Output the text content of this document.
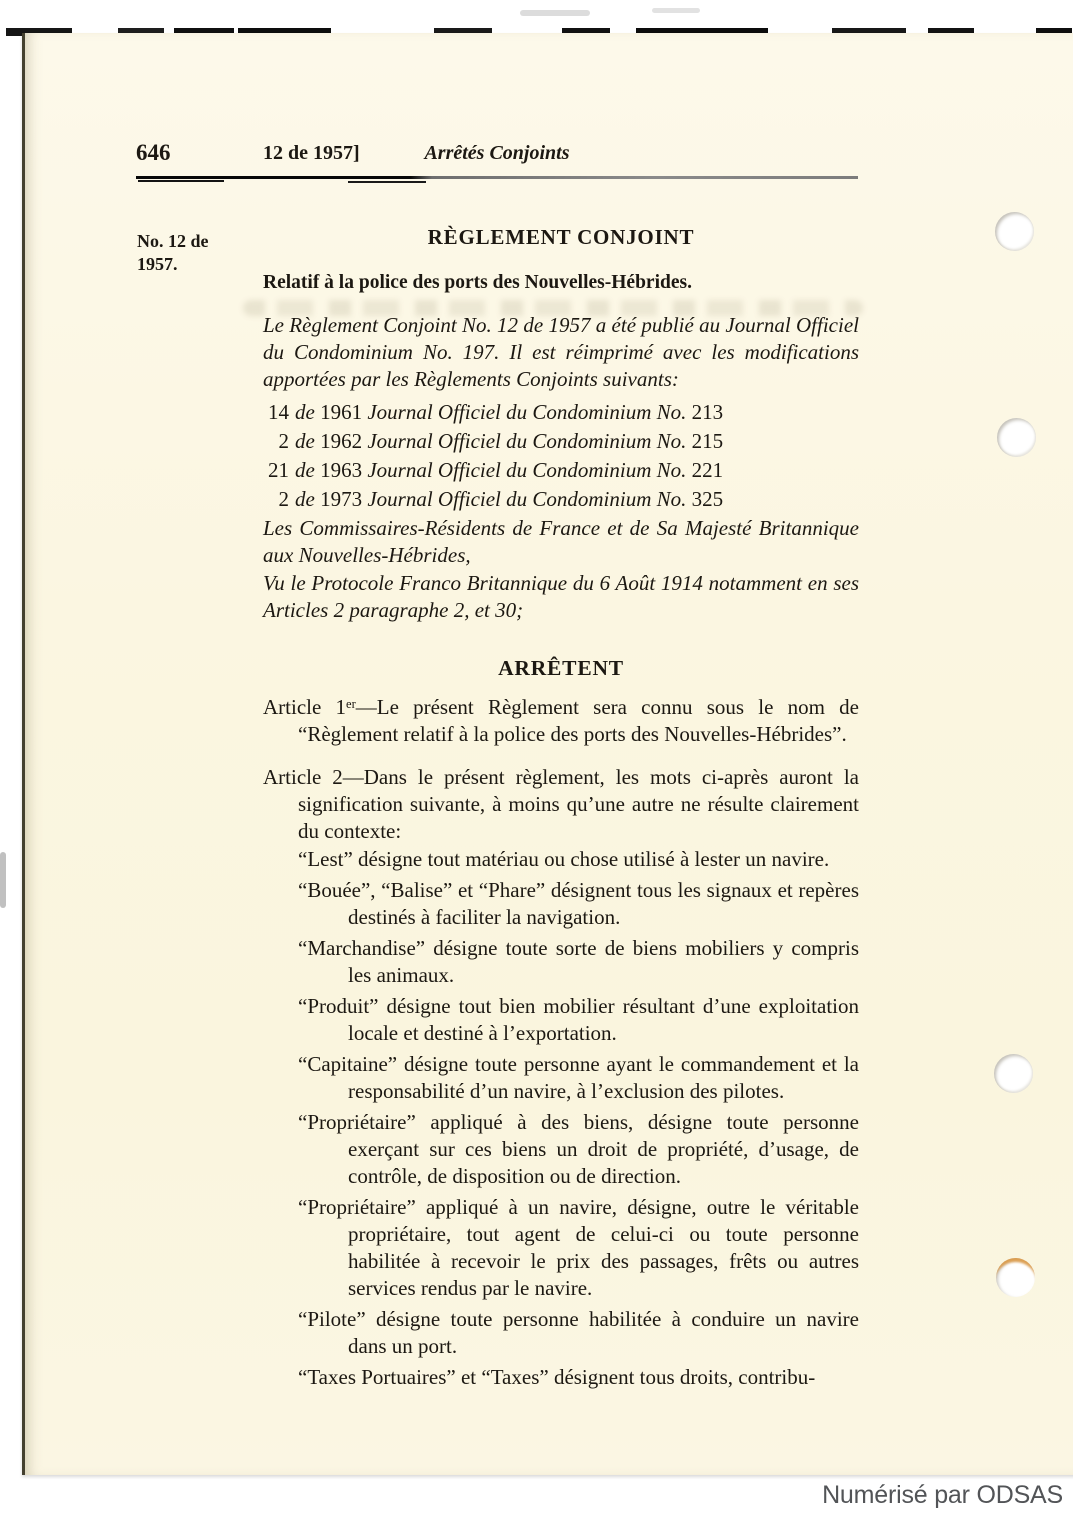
646	12 de 1957]	Arrêtés Conjoints
No. 12 de
1957.

RÈGLEMENT CONJOINT

Relatif à la police des ports des Nouvelles-Hébrides.

Le Règlement Conjoint No. 12 de 1957 a été publié au Journal Officiel du Condominium No. 197. Il est réimprimé avec les modifications apportées par les Règlements Conjoints suivants:

14 de 1961 Journal Officiel du Condominium No. 213

2 de 1962 Journal Officiel du Condominium No. 215

21 de 1963 Journal Officiel du Condominium No. 221

2 de 1973 Journal Officiel du Condominium No. 325

Les Commissaires-Résidents de France et de Sa Majesté Britannique aux Nouvelles-Hébrides,

Vu le Protocole Franco Britannique du 6 Août 1914 notamment en ses Articles 2 paragraphe 2, et 30;

ARRÊTENT

Article 1er—Le présent Règlement sera connu sous le nom de “Règlement relatif à la police des ports des Nouvelles-Hébrides”.

Article 2—Dans le présent règlement, les mots ci-après auront la signification suivante, à moins qu’une autre ne résulte clairement du contexte:

“Lest” désigne tout matériau ou chose utilisé à lester un navire.

“Bouée”, “Balise” et “Phare” désignent tous les signaux et repères destinés à faciliter la navigation.

“Marchandise” désigne toute sorte de biens mobiliers y compris les animaux.

“Produit” désigne tout bien mobilier résultant d’une exploitation locale et destiné à l’exportation.

“Capitaine” désigne toute personne ayant le commandement et la responsabilité d’un navire, à l’exclusion des pilotes.

“Propriétaire” appliqué à des biens, désigne toute personne exerçant sur ces biens un droit de propriété, d’usage, de contrôle, de disposition ou de direction.

“Propriétaire” appliqué à un navire, désigne, outre le véritable propriétaire, tout agent de celui-ci ou toute personne habilitée à recevoir le prix des passages, frêts ou autres services rendus par le navire.

“Pilote” désigne toute personne habilitée à conduire un navire dans un port.

“Taxes Portuaires” et “Taxes” désignent tous droits, contribu-

Numérisé par ODSAS
